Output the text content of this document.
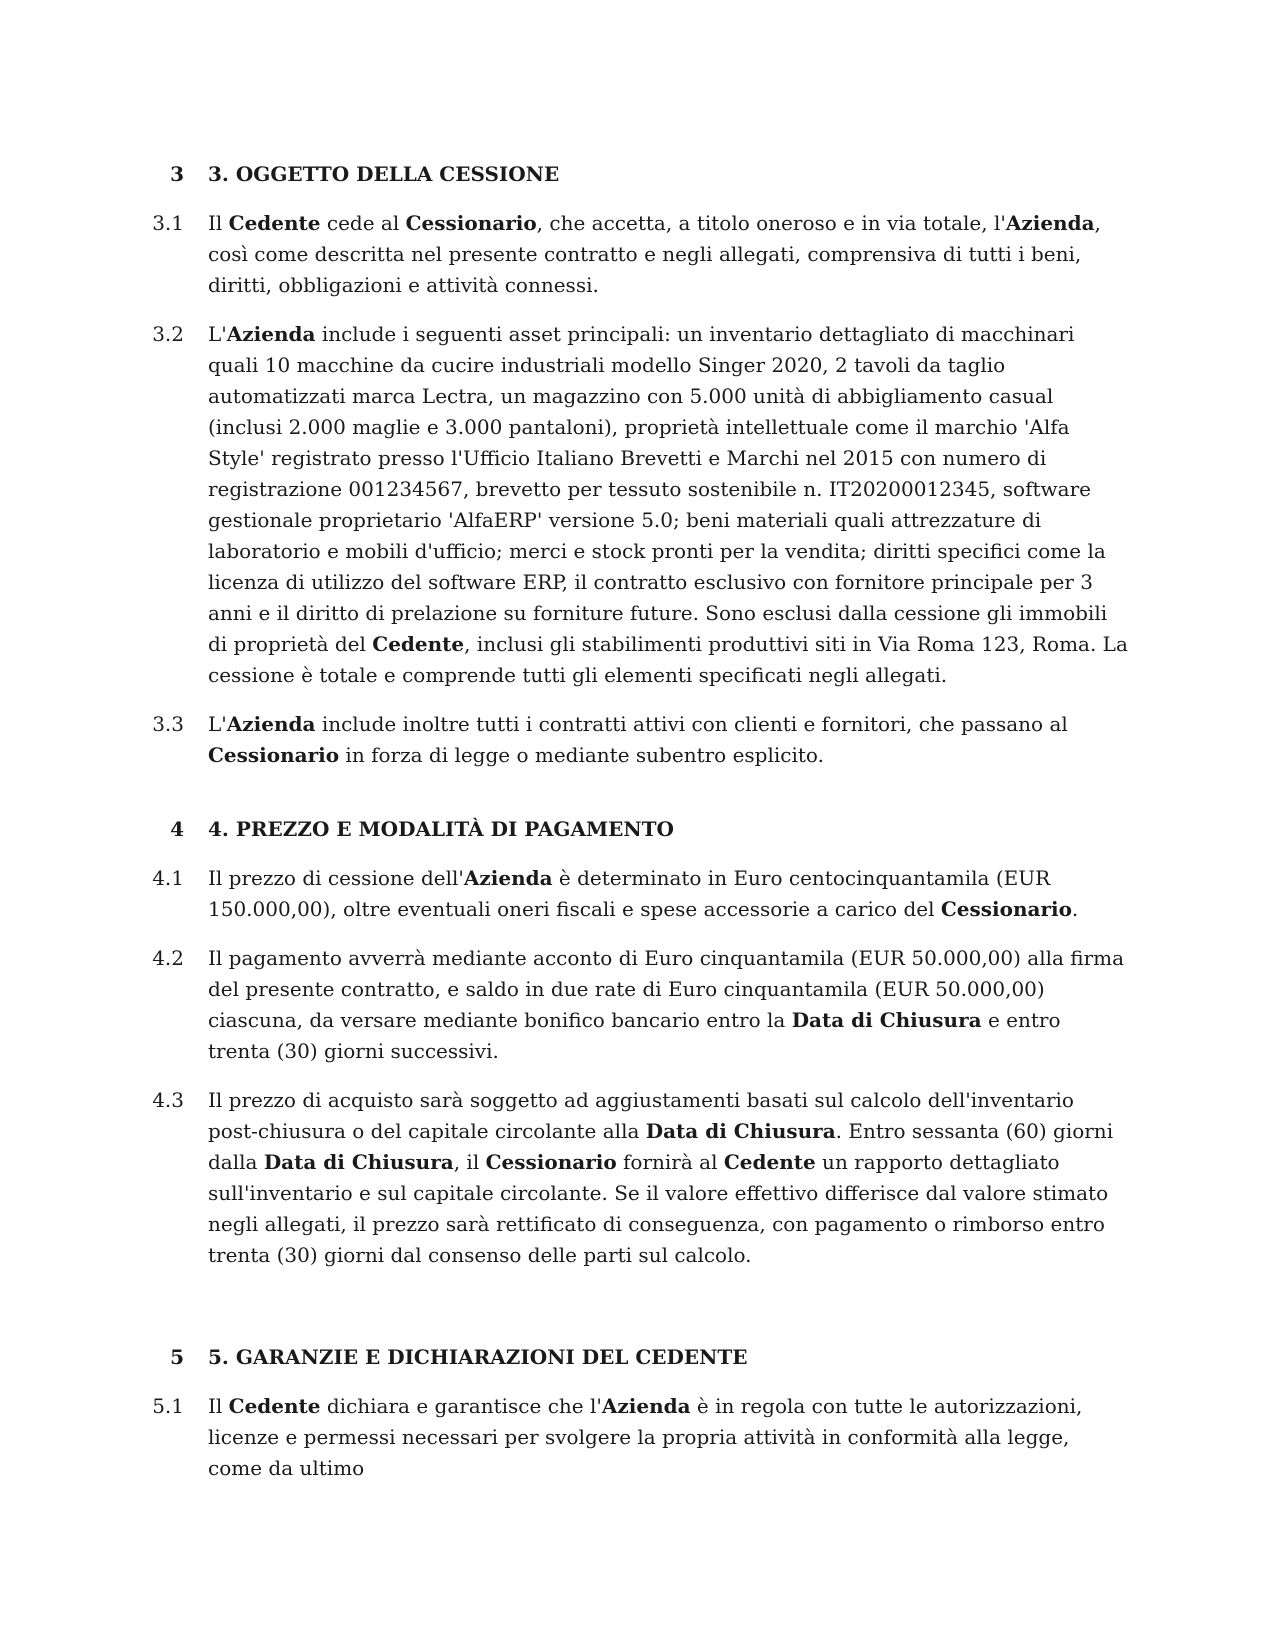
3 3. OGGETTO DELLA CESSIONE
3.1 Il Cedente cede al Cessionario, che accetta, a titolo oneroso e in via totale, l'Azienda, così come descritta nel presente contratto e negli allegati, comprensiva di tutti i beni, diritti, obbligazioni e attività connessi.
3.2 L'Azienda include i seguenti asset principali: un inventario dettagliato di macchinari quali 10 macchine da cucire industriali modello Singer 2020, 2 tavoli da taglio automatizzati marca Lectra, un magazzino con 5.000 unità di abbigliamento casual (inclusi 2.000 maglie e 3.000 pantaloni), proprietà intellettuale come il marchio 'Alfa Style' registrato presso l'Ufficio Italiano Brevetti e Marchi nel 2015 con numero di registrazione 001234567, brevetto per tessuto sostenibile n. IT20200012345, software gestionale proprietario 'AlfaERP' versione 5.0; beni materiali quali attrezzature di laboratorio e mobili d'ufficio; merci e stock pronti per la vendita; diritti specifici come la licenza di utilizzo del software ERP, il contratto esclusivo con fornitore principale per 3 anni e il diritto di prelazione su forniture future. Sono esclusi dalla cessione gli immobili di proprietà del Cedente, inclusi gli stabilimenti produttivi siti in Via Roma 123, Roma. La cessione è totale e comprende tutti gli elementi specificati negli allegati.
3.3 L'Azienda include inoltre tutti i contratti attivi con clienti e fornitori, che passano al Cessionario in forza di legge o mediante subentro esplicito.
4 4. PREZZO E MODALITÀ DI PAGAMENTO
4.1 Il prezzo di cessione dell'Azienda è determinato in Euro centocinquantamila (EUR 150.000,00), oltre eventuali oneri fiscali e spese accessorie a carico del Cessionario.
4.2 Il pagamento avverrà mediante acconto di Euro cinquantamila (EUR 50.000,00) alla firma del presente contratto, e saldo in due rate di Euro cinquantamila (EUR 50.000,00) ciascuna, da versare mediante bonifico bancario entro la Data di Chiusura e entro trenta (30) giorni successivi.
4.3 Il prezzo di acquisto sarà soggetto ad aggiustamenti basati sul calcolo dell'inventario post-chiusura o del capitale circolante alla Data di Chiusura. Entro sessanta (60) giorni dalla Data di Chiusura, il Cessionario fornirà al Cedente un rapporto dettagliato sull'inventario e sul capitale circolante. Se il valore effettivo differisce dal valore stimato negli allegati, il prezzo sarà rettificato di conseguenza, con pagamento o rimborso entro trenta (30) giorni dal consenso delle parti sul calcolo.
5 5. GARANZIE E DICHIARAZIONI DEL CEDENTE
5.1 Il Cedente dichiara e garantisce che l'Azienda è in regola con tutte le autorizzazioni, licenze e permessi necessari per svolgere la propria attività in conformità alla legge, come da ultimo
